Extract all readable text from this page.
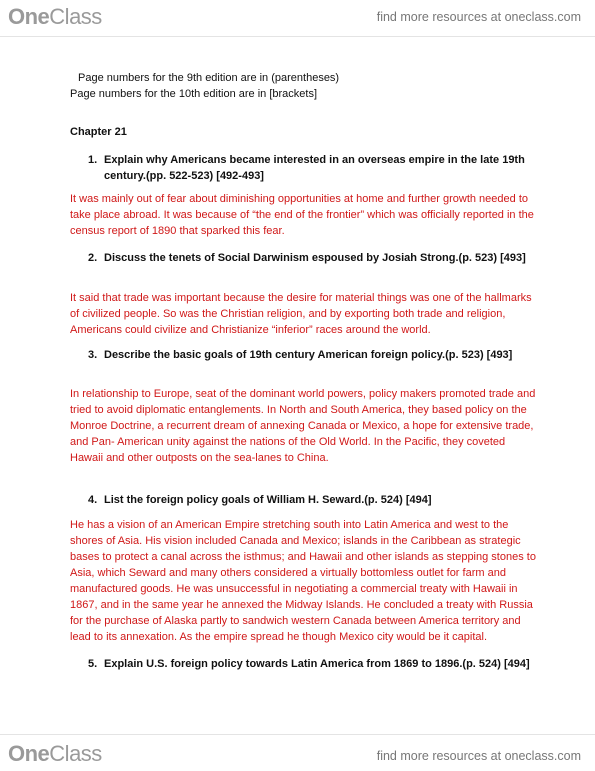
One Class	find more resources at oneclass.com
Page numbers for the 9th edition are in (parentheses)
Page numbers for the 10th edition are in [brackets]
Chapter 21
1. Explain why Americans became interested in an overseas empire in the late 19th century.(pp. 522-523) [492-493]
It was mainly out of fear about diminishing opportunities at home and further growth needed to take place abroad. It was because of “the end of the frontier” which was officially reported in the census report of 1890 that sparked this fear.
2. Discuss the tenets of Social Darwinism espoused by Josiah Strong.(p. 523) [493]
It said that trade was important because the desire for material things was one of the hallmarks of civilized people. So was the Christian religion, and by exporting both trade and religion, Americans could civilize and Christianize “inferior” races around the world.
3. Describe the basic goals of 19th century American foreign policy.(p. 523) [493]
In relationship to Europe, seat of the dominant world powers, policy makers promoted trade and tried to avoid diplomatic entanglements. In North and South America, they based policy on the Monroe Doctrine, a recurrent dream of annexing Canada or Mexico, a hope for extensive trade, and Pan- American unity against the nations of the Old World. In the Pacific, they coveted Hawaii and other outposts on the sea-lanes to China.
4. List the foreign policy goals of William H. Seward.(p. 524) [494]
He has a vision of an American Empire stretching south into Latin America and west to the shores of Asia. His vision included Canada and Mexico; islands in the Caribbean as strategic bases to protect a canal across the isthmus; and Hawaii and other islands as stepping stones to Asia, which Seward and many others considered a virtually bottomless outlet for farm and manufactured goods. He was unsuccessful in negotiating a commercial treaty with Hawaii in 1867, and in the same year he annexed the Midway Islands. He concluded a treaty with Russia for the purchase of Alaska partly to sandwich western Canada between America territory and lead to its annexation. As the empire spread he though Mexico city would be it capital.
5. Explain U.S. foreign policy towards Latin America from 1869 to 1896.(p. 524) [494]
One Class	find more resources at oneclass.com
